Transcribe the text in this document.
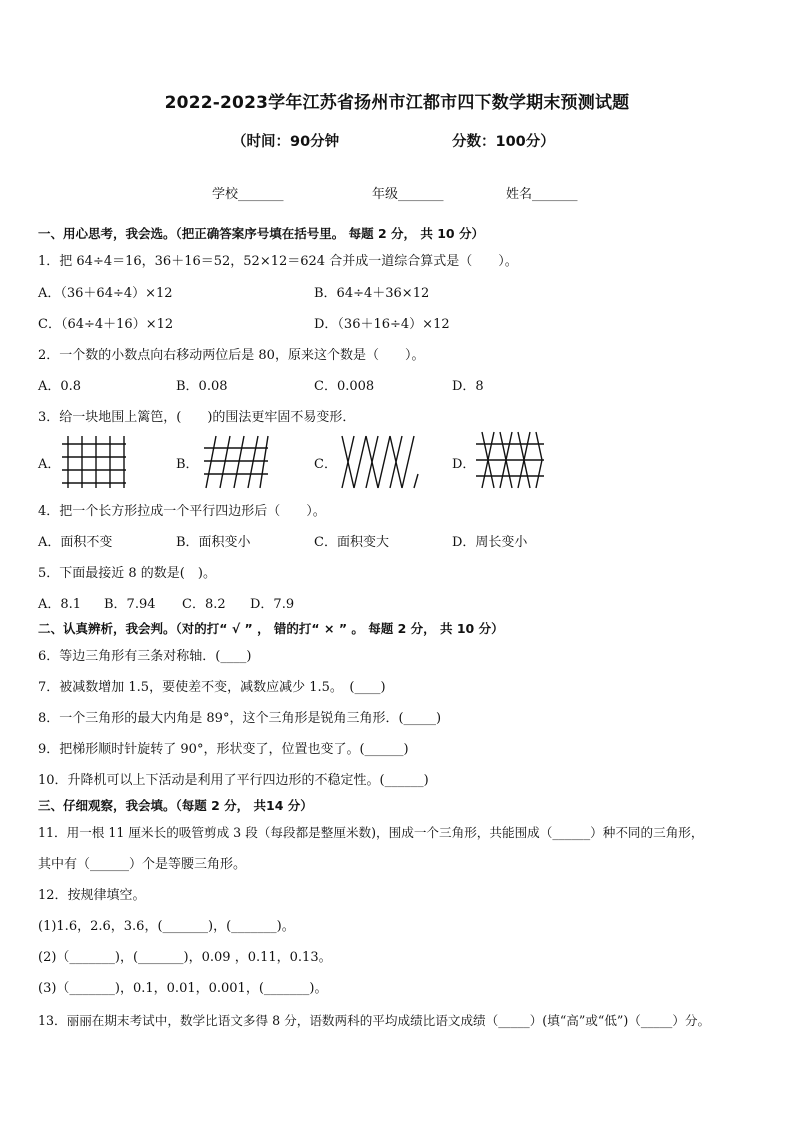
2022-2023学年江苏省扬州市江都市四下数学期末预测试题
（时间：90分钟	分数：100分）
学校_______	年级_______	姓名_______
一、用心思考，我会选。（把正确答案序号填在括号里。 每题 2 分， 共 10 分）
1．把 64÷4＝16，36＋16＝52，52×12＝624 合并成一道综合算式是（　　）。
A．（36＋64÷4）×12	B．64÷4＋36×12
C．（64÷4＋16）×12	D．（36＋16÷4）×12
2．一个数的小数点向右移动两位后是 80，原来这个数是（　　）。
A．0.8	B．0.08	C．0.008	D．8
3．给一块地围上篱笆，(　　)的围法更牢固不易变形．
A．	B．	C．	D．
4．把一个长方形拉成一个平行四边形后（　　）。
A．面积不变	B．面积变小	C．面积变大	D．周长变小
5．下面最接近 8 的数是(　)。
A．8.1 B．7.94 C．8.2 D．7.9
二、认真辨析，我会判。（对的打“ √ ” ， 错的打“ × ” 。 每题 2 分， 共 10 分）
6．等边三角形有三条对称轴．(____)
7．被减数增加 1.5，要使差不变，减数应减少 1.5。　(____)
8．一个三角形的最大内角是 89°，这个三角形是锐角三角形．(_____)
9．把梯形顺时针旋转了 90°，形状变了，位置也变了。(______)
10．升降机可以上下活动是利用了平行四边形的不稳定性。(______)
三、仔细观察，我会填。（每题 2 分， 共14 分）
11．用一根 11 厘米长的吸管剪成 3 段（每段都是整厘米数)，围成一个三角形，共能围成（______）种不同的三角形，
其中有（______）个是等腰三角形。
12．按规律填空。
(1)1.6，2.6，3.6，(_______)，(_______)。
(2)（_______)，(_______)，0.09 ，0.11，0.13。
(3)（_______)，0.1，0.01，0.001，(_______)。
13．丽丽在期末考试中，数学比语文多得 8 分，语数两科的平均成绩比语文成绩（_____）(填“高”或“低”)（_____）分。
